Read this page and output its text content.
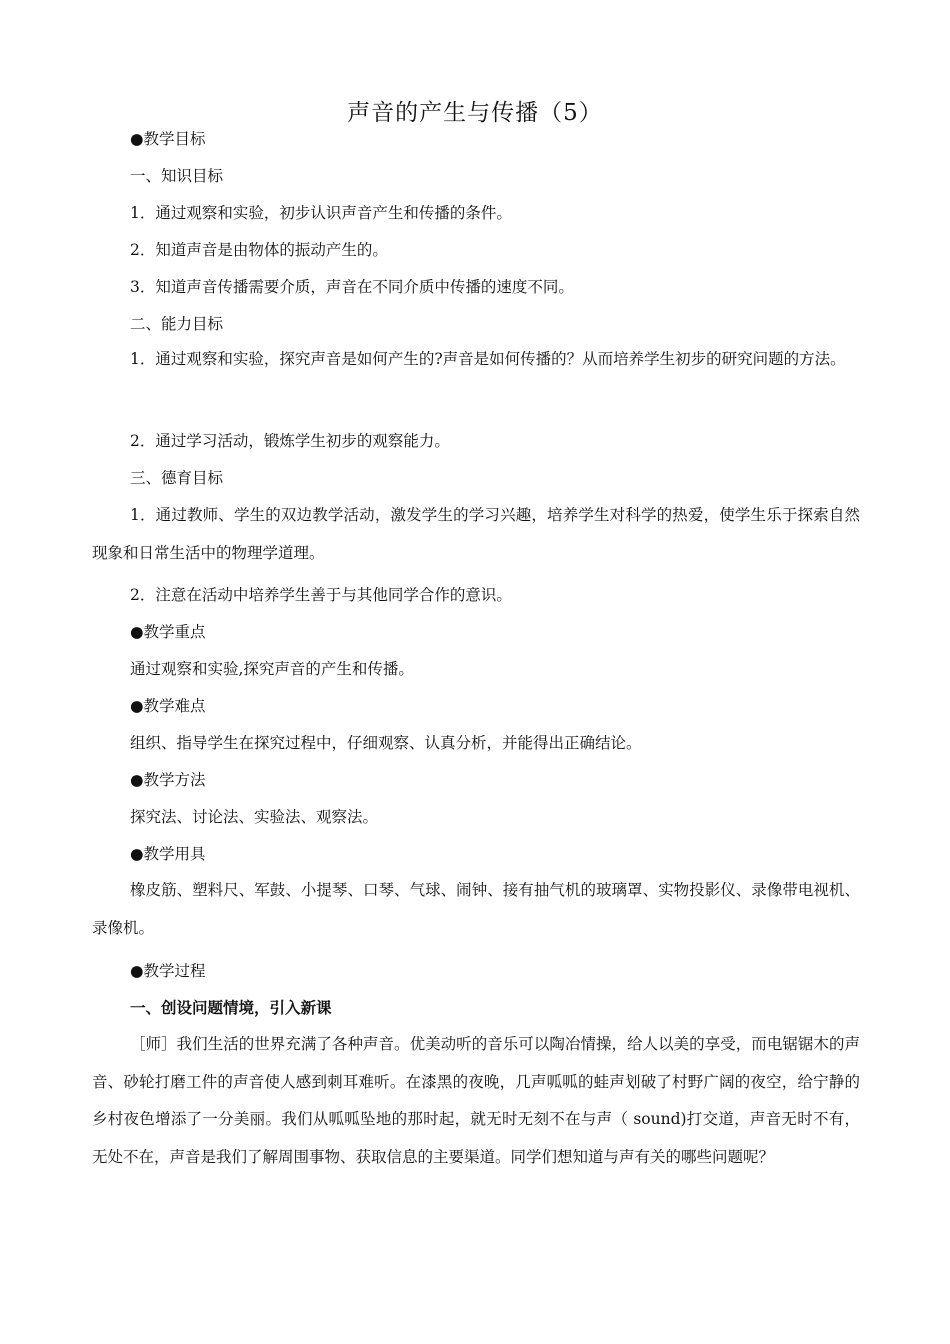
声音的产生与传播（5）
●教学目标
一、知识目标
1．通过观察和实验，初步认识声音产生和传播的条件。
2．知道声音是由物体的振动产生的。
3．知道声音传播需要介质，声音在不同介质中传播的速度不同。
二、能力目标
1．通过观察和实验，探究声音是如何产生的?声音是如何传播的？从而培养学生初步的研究问题的方法。
2．通过学习活动，锻炼学生初步的观察能力。
三、德育目标
1．通过教师、学生的双边教学活动，激发学生的学习兴趣，培养学生对科学的热爱，使学生乐于探索自然现象和日常生活中的物理学道理。
2．注意在活动中培养学生善于与其他同学合作的意识。
●教学重点
通过观察和实验,探究声音的产生和传播。
●教学难点
组织、指导学生在探究过程中，仔细观察、认真分析，并能得出正确结论。
●教学方法
探究法、讨论法、实验法、观察法。
●教学用具
橡皮筋、塑料尺、军鼓、小提琴、口琴、气球、闹钟、接有抽气机的玻璃罩、实物投影仪、录像带电视机、录像机。
●教学过程
一、创设问题情境，引入新课
［师］我们生活的世界充满了各种声音。优美动听的音乐可以陶冶情操，给人以美的享受，而电锯锯木的声音、砂轮打磨工件的声音使人感到刺耳难听。在漆黑的夜晚，几声呱呱的蛙声划破了村野广阔的夜空，给宁静的乡村夜色增添了一分美丽。我们从呱呱坠地的那时起，就无时无刻不在与声（ sound)打交道，声音无时不有，无处不在，声音是我们了解周围事物、获取信息的主要渠道。同学们想知道与声有关的哪些问题呢？
